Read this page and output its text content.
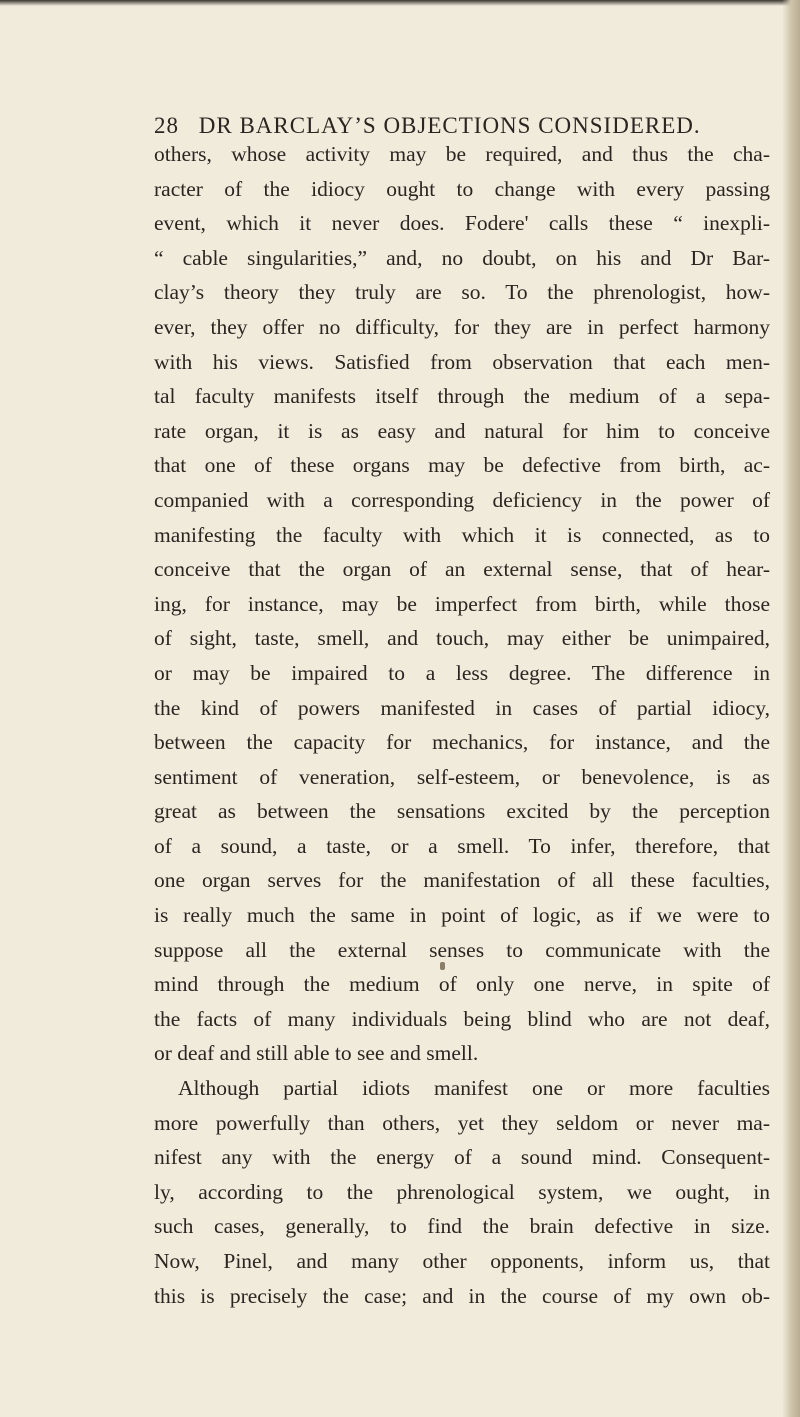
28 DR BARCLAY’S OBJECTIONS CONSIDERED.
others, whose activity may be required, and thus the cha-
racter of the idiocy ought to change with every passing
event, which it never does. Fodere' calls these “ inexpli-
“ cable singularities,” and, no doubt, on his and Dr Bar-
clay’s theory they truly are so. To the phrenologist, how-
ever, they offer no difficulty, for they are in perfect harmony
with his views. Satisfied from observation that each men-
tal faculty manifests itself through the medium of a sepa-
rate organ, it is as easy and natural for him to conceive
that one of these organs may be defective from birth, ac-
companied with a corresponding deficiency in the power of
manifesting the faculty with which it is connected, as to
conceive that the organ of an external sense, that of hear-
ing, for instance, may be imperfect from birth, while those
of sight, taste, smell, and touch, may either be unimpaired,
or may be impaired to a less degree. The difference in
the kind of powers manifested in cases of partial idiocy,
between the capacity for mechanics, for instance, and the
sentiment of veneration, self-esteem, or benevolence, is as
great as between the sensations excited by the perception
of a sound, a taste, or a smell. To infer, therefore, that
one organ serves for the manifestation of all these faculties,
is really much the same in point of logic, as if we were to
suppose all the external senses to communicate with the
mind through the medium of only one nerve, in spite of
the facts of many individuals being blind who are not deaf,
or deaf and still able to see and smell.
Although partial idiots manifest one or more faculties
more powerfully than others, yet they seldom or never ma-
nifest any with the energy of a sound mind. Consequent-
ly, according to the phrenological system, we ought, in
such cases, generally, to find the brain defective in size.
Now, Pinel, and many other opponents, inform us, that
this is precisely the case; and in the course of my own ob-
